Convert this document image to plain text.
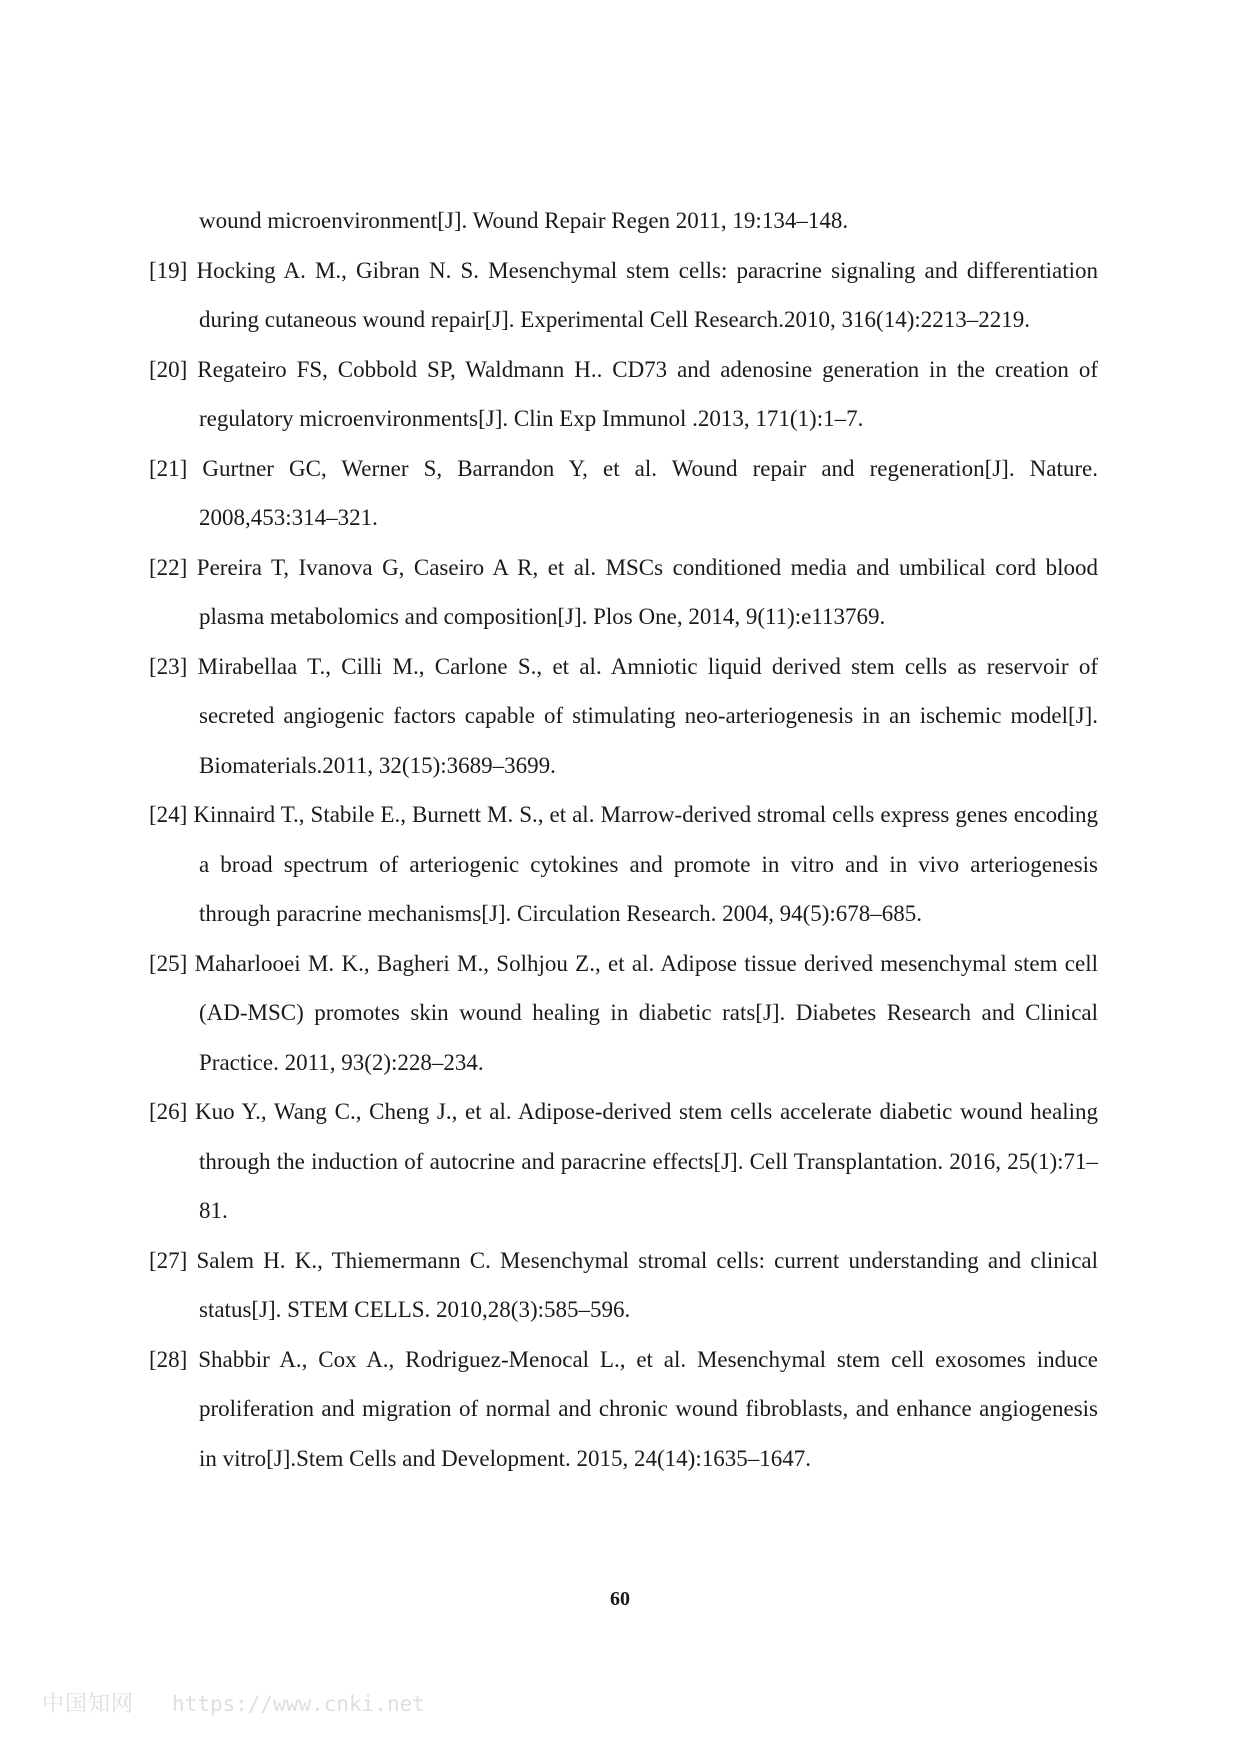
wound microenvironment[J]. Wound Repair Regen 2011, 19:134–148.

[19] Hocking A. M., Gibran N. S. Mesenchymal stem cells: paracrine signaling and differentiation during cutaneous wound repair[J]. Experimental Cell Research.2010, 316(14):2213–2219.

[20] Regateiro FS, Cobbold SP, Waldmann H.. CD73 and adenosine generation in the creation of regulatory microenvironments[J]. Clin Exp Immunol .2013, 171(1):1–7.

[21] Gurtner GC, Werner S, Barrandon Y, et al. Wound repair and regeneration[J]. Nature. 2008,453:314–321.

[22] Pereira T, Ivanova G, Caseiro A R, et al. MSCs conditioned media and umbilical cord blood plasma metabolomics and composition[J]. Plos One, 2014, 9(11):e113769.

[23] Mirabellaa T., Cilli M., Carlone S., et al. Amniotic liquid derived stem cells as reservoir of secreted angiogenic factors capable of stimulating neo-arteriogenesis in an ischemic model[J]. Biomaterials.2011, 32(15):3689–3699.

[24] Kinnaird T., Stabile E., Burnett M. S., et al. Marrow-derived stromal cells express genes encoding a broad spectrum of arteriogenic cytokines and promote in vitro and in vivo arteriogenesis through paracrine mechanisms[J]. Circulation Research. 2004, 94(5):678–685.

[25] Maharlooei M. K., Bagheri M., Solhjou Z., et al. Adipose tissue derived mesenchymal stem cell (AD-MSC) promotes skin wound healing in diabetic rats[J]. Diabetes Research and Clinical Practice. 2011, 93(2):228–234.

[26] Kuo Y., Wang C., Cheng J., et al. Adipose-derived stem cells accelerate diabetic wound healing through the induction of autocrine and paracrine effects[J]. Cell Transplantation. 2016, 25(1):71–81.

[27] Salem H. K., Thiemermann C. Mesenchymal stromal cells: current understanding and clinical status[J]. STEM CELLS. 2010,28(3):585–596.

[28] Shabbir A., Cox A., Rodriguez-Menocal L., et al. Mesenchymal stem cell exosomes induce proliferation and migration of normal and chronic wound fibroblasts, and enhance angiogenesis in vitro[J].Stem Cells and Development. 2015, 24(14):1635–1647.

60
中国知网 https://www.cnki.net
